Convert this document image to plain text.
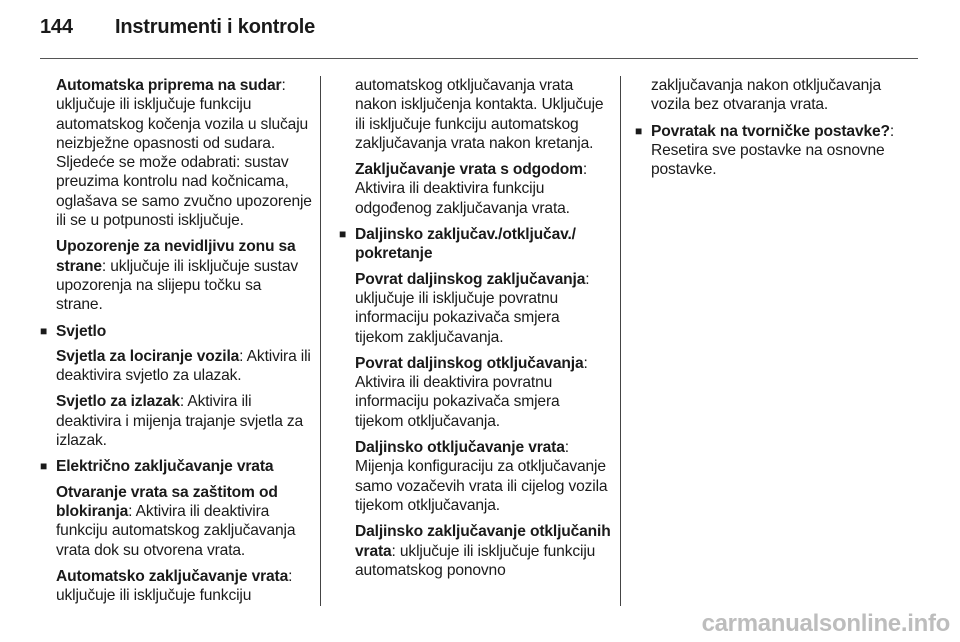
144	Instrumenti i kontrole

Automatska priprema na sudar: uključuje ili isključuje funkciju automatskog kočenja vozila u slučaju neizbježne opasnosti od sudara. Sljedeće se može odabrati: sustav preuzima kontrolu nad kočnicama, oglašava se samo zvučno upozorenje ili se u potpunosti isključuje.

Upozorenje za nevidljivu zonu sa strane: uključuje ili isključuje sustav upozorenja na slijepu točku sa strane.

■ Svjetlo

Svjetla za lociranje vozila: Aktivira ili deaktivira svjetlo za ulazak.

Svjetlo za izlazak: Aktivira ili deaktivira i mijenja trajanje svjetla za izlazak.

■ Električno zaključavanje vrata

Otvaranje vrata sa zaštitom od blokiranja: Aktivira ili deaktivira funkciju automatskog zaključavanja vrata dok su otvorena vrata.

Automatsko zaključavanje vrata: uključuje ili isključuje funkciju

automatskog otključavanja vrata nakon isključenja kontakta. Uključuje ili isključuje funkciju automatskog zaključavanja vrata nakon kretanja.

Zaključavanje vrata s odgodom: Aktivira ili deaktivira funkciju odgođenog zaključavanja vrata.

■ Daljinsko zaključav./otključav./ pokretanje

Povrat daljinskog zaključavanja: uključuje ili isključuje povratnu informaciju pokazivača smjera tijekom zaključavanja.

Povrat daljinskog otključavanja: Aktivira ili deaktivira povratnu informaciju pokazivača smjera tijekom otključavanja.

Daljinsko otključavanje vrata: Mijenja konfiguraciju za otključavanje samo vozačevih vrata ili cijelog vozila tijekom otključavanja.

Daljinsko zaključavanje otključanih vrata: uključuje ili isključuje funkciju automatskog ponovno

zaključavanja nakon otključavanja vozila bez otvaranja vrata.

■ Povratak na tvorničke postavke?: Resetira sve postavke na osnovne postavke.
carmanualsonline.info
